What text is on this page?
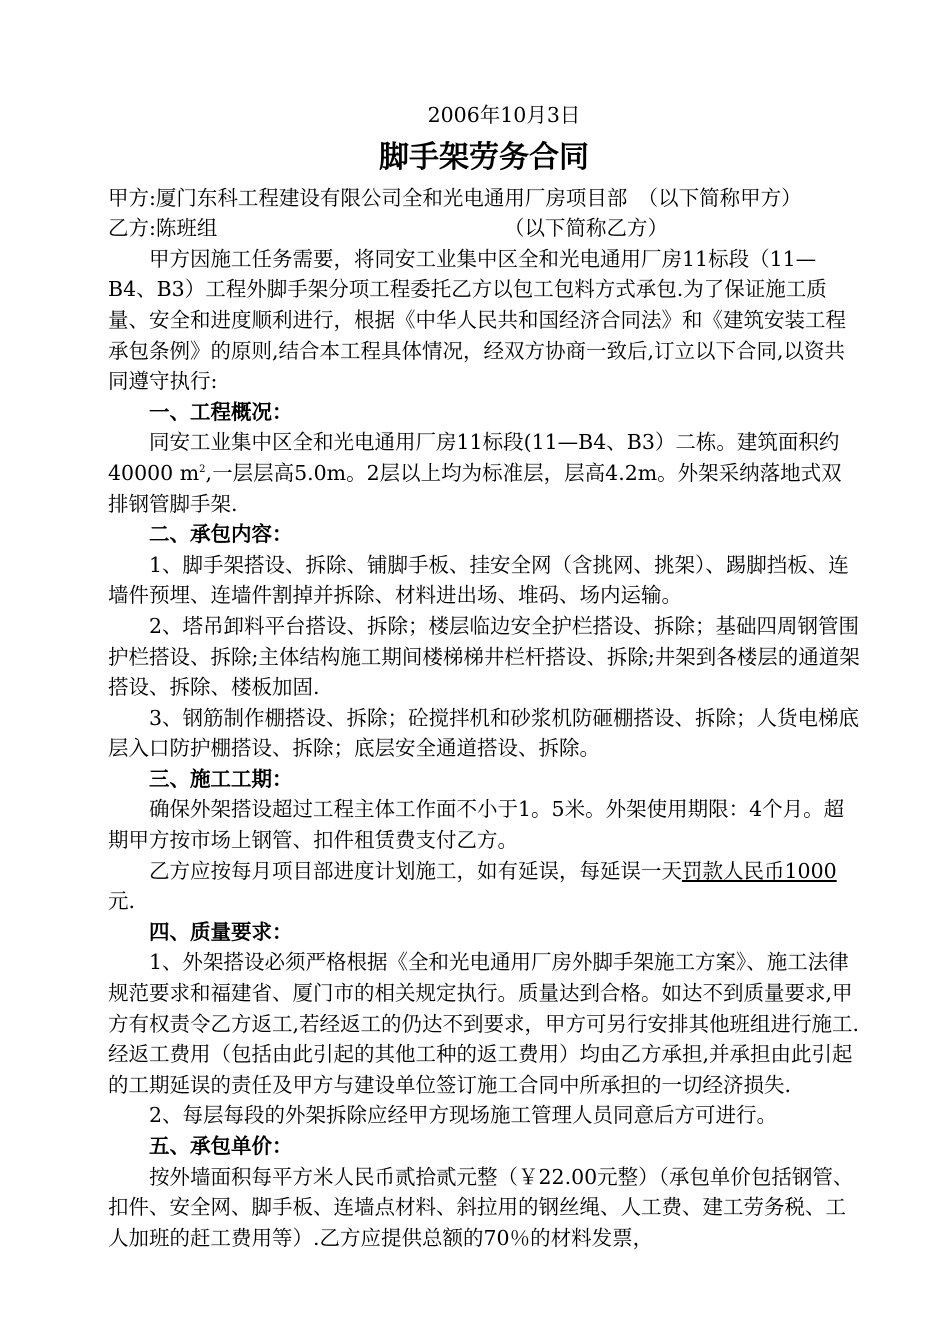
2006年10月3日

脚手架劳务合同

甲方:厦门东科工程建设有限公司全和光电通用厂房项目部　（以下简称甲方）

乙方:陈班组	（以下简称乙方）

甲方因施工任务需要，将同安工业集中区全和光电通用厂房11标段（11—B4、B3）工程外脚手架分项工程委托乙方以包工包料方式承包.为了保证施工质量、安全和进度顺利进行，根据《中华人民共和国经济合同法》和《建筑安装工程承包条例》的原则,结合本工程具体情况，经双方协商一致后,订立以下合同,以资共同遵守执行:

一、工程概况：

同安工业集中区全和光电通用厂房11标段(11—B4、B3）二栋。建筑面积约40000 $m^2$,一层层高5.0m。2层以上均为标准层，层高4.2m。外架采纳落地式双排钢管脚手架.

二、承包内容：

1、脚手架搭设、拆除、铺脚手板、挂安全网（含挑网、挑架）、踢脚挡板、连墙件预埋、连墙件割掉并拆除、材料进出场、堆码、场内运输。

2、塔吊卸料平台搭设、拆除；楼层临边安全护栏搭设、拆除；基础四周钢管围护栏搭设、拆除;主体结构施工期间楼梯梯井栏杆搭设、拆除;井架到各楼层的通道架搭设、拆除、楼板加固.

3、钢筋制作棚搭设、拆除；砼搅拌机和砂浆机防砸棚搭设、拆除；人货电梯底层入口防护棚搭设、拆除；底层安全通道搭设、拆除。

三、施工工期：

确保外架搭设超过工程主体工作面不小于1。5米。外架使用期限：4个月。超期甲方按市场上钢管、扣件租赁费支付乙方。

乙方应按每月项目部进度计划施工，如有延误，每延误一天罚款人民币1000元.

四、质量要求：

1、外架搭设必须严格根据《全和光电通用厂房外脚手架施工方案》、施工法律规范要求和福建省、厦门市的相关规定执行。质量达到合格。如达不到质量要求,甲方有权责令乙方返工,若经返工的仍达不到要求，甲方可另行安排其他班组进行施工.经返工费用（包括由此引起的其他工种的返工费用）均由乙方承担,并承担由此引起的工期延误的责任及甲方与建设单位签订施工合同中所承担的一切经济损失.

2、每层每段的外架拆除应经甲方现场施工管理人员同意后方可进行。

五、承包单价：

按外墙面积每平方米人民币贰拾贰元整（￥22.00元整）（承包单价包括钢管、扣件、安全网、脚手板、连墙点材料、斜拉用的钢丝绳、人工费、建工劳务税、工人加班的赶工费用等）.乙方应提供总额的70％的材料发票，
